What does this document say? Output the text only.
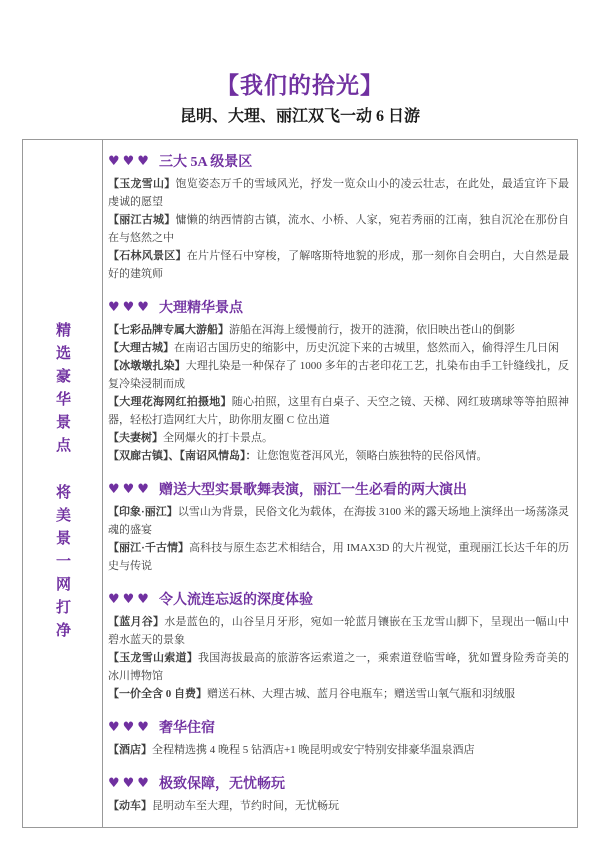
【我们的拾光】
昆明、大理、丽江双飞一动 6 日游
精选豪华景点 将美景一网打净
♥♥♥ 三大 5A 级景区

【玉龙雪山】饱览姿态万千的雪域风光，抒发一览众山小的凌云壮志，在此处，最适宜许下最虔诚的愿望

【丽江古城】慵懒的纳西情韵古镇，流水、小桥、人家，宛若秀丽的江南，独自沉沦在那份自在与悠然之中

【石林风景区】在片片怪石中穿梭，了解喀斯特地貌的形成，那一刻你自会明白，大自然是最好的建筑师

♥♥♥ 大理精华景点

【七彩品牌专属大游船】游船在洱海上缓慢前行，拨开的涟漪，依旧映出苍山的倒影

【大理古城】在南诏古国历史的缩影中，历史沉淀下来的古城里，悠然而入，偷得浮生几日闲

【冰墩墩扎染】大理扎染是一种保存了 1000 多年的古老印花工艺，扎染布由手工针缝线扎，反复冷染浸制而成

【大理花海网红拍摄地】随心拍照，这里有白桌子、天空之镜、天梯、网红玻璃球等等拍照神器，轻松打造网红大片，助你朋友圈 C 位出道

【夫妻树】全网爆火的打卡景点。

【双廊古镇】、【南诏风情岛】：让您饱览苍洱风光，领略白族独特的民俗风情。

♥♥♥ 赠送大型实景歌舞表演，丽江一生必看的两大演出

【印象·丽江】以雪山为背景，民俗文化为载体，在海拔 3100 米的露天场地上演绎出一场荡涤灵魂的盛宴

【丽江·千古情】高科技与原生态艺术相结合，用 IMAX3D 的大片视觉，重现丽江长达千年的历史与传说

♥♥♥ 令人流连忘返的深度体验

【蓝月谷】水是蓝色的，山谷呈月牙形，宛如一轮蓝月镶嵌在玉龙雪山脚下，呈现出一幅山中碧水蓝天的景象

【玉龙雪山索道】我国海拔最高的旅游客运索道之一，乘索道登临雪峰，犹如置身险秀奇美的冰川博物馆

【一价全含 0 自费】赠送石林、大理古城、蓝月谷电瓶车；赠送雪山氧气瓶和羽绒服

♥♥♥ 奢华住宿

【酒店】全程精选携 4 晚程 5 钻酒店+1 晚昆明或安宁特别安排豪华温泉酒店

♥♥♥ 极致保障，无忧畅玩

【动车】昆明动车至大理，节约时间，无忧畅玩
